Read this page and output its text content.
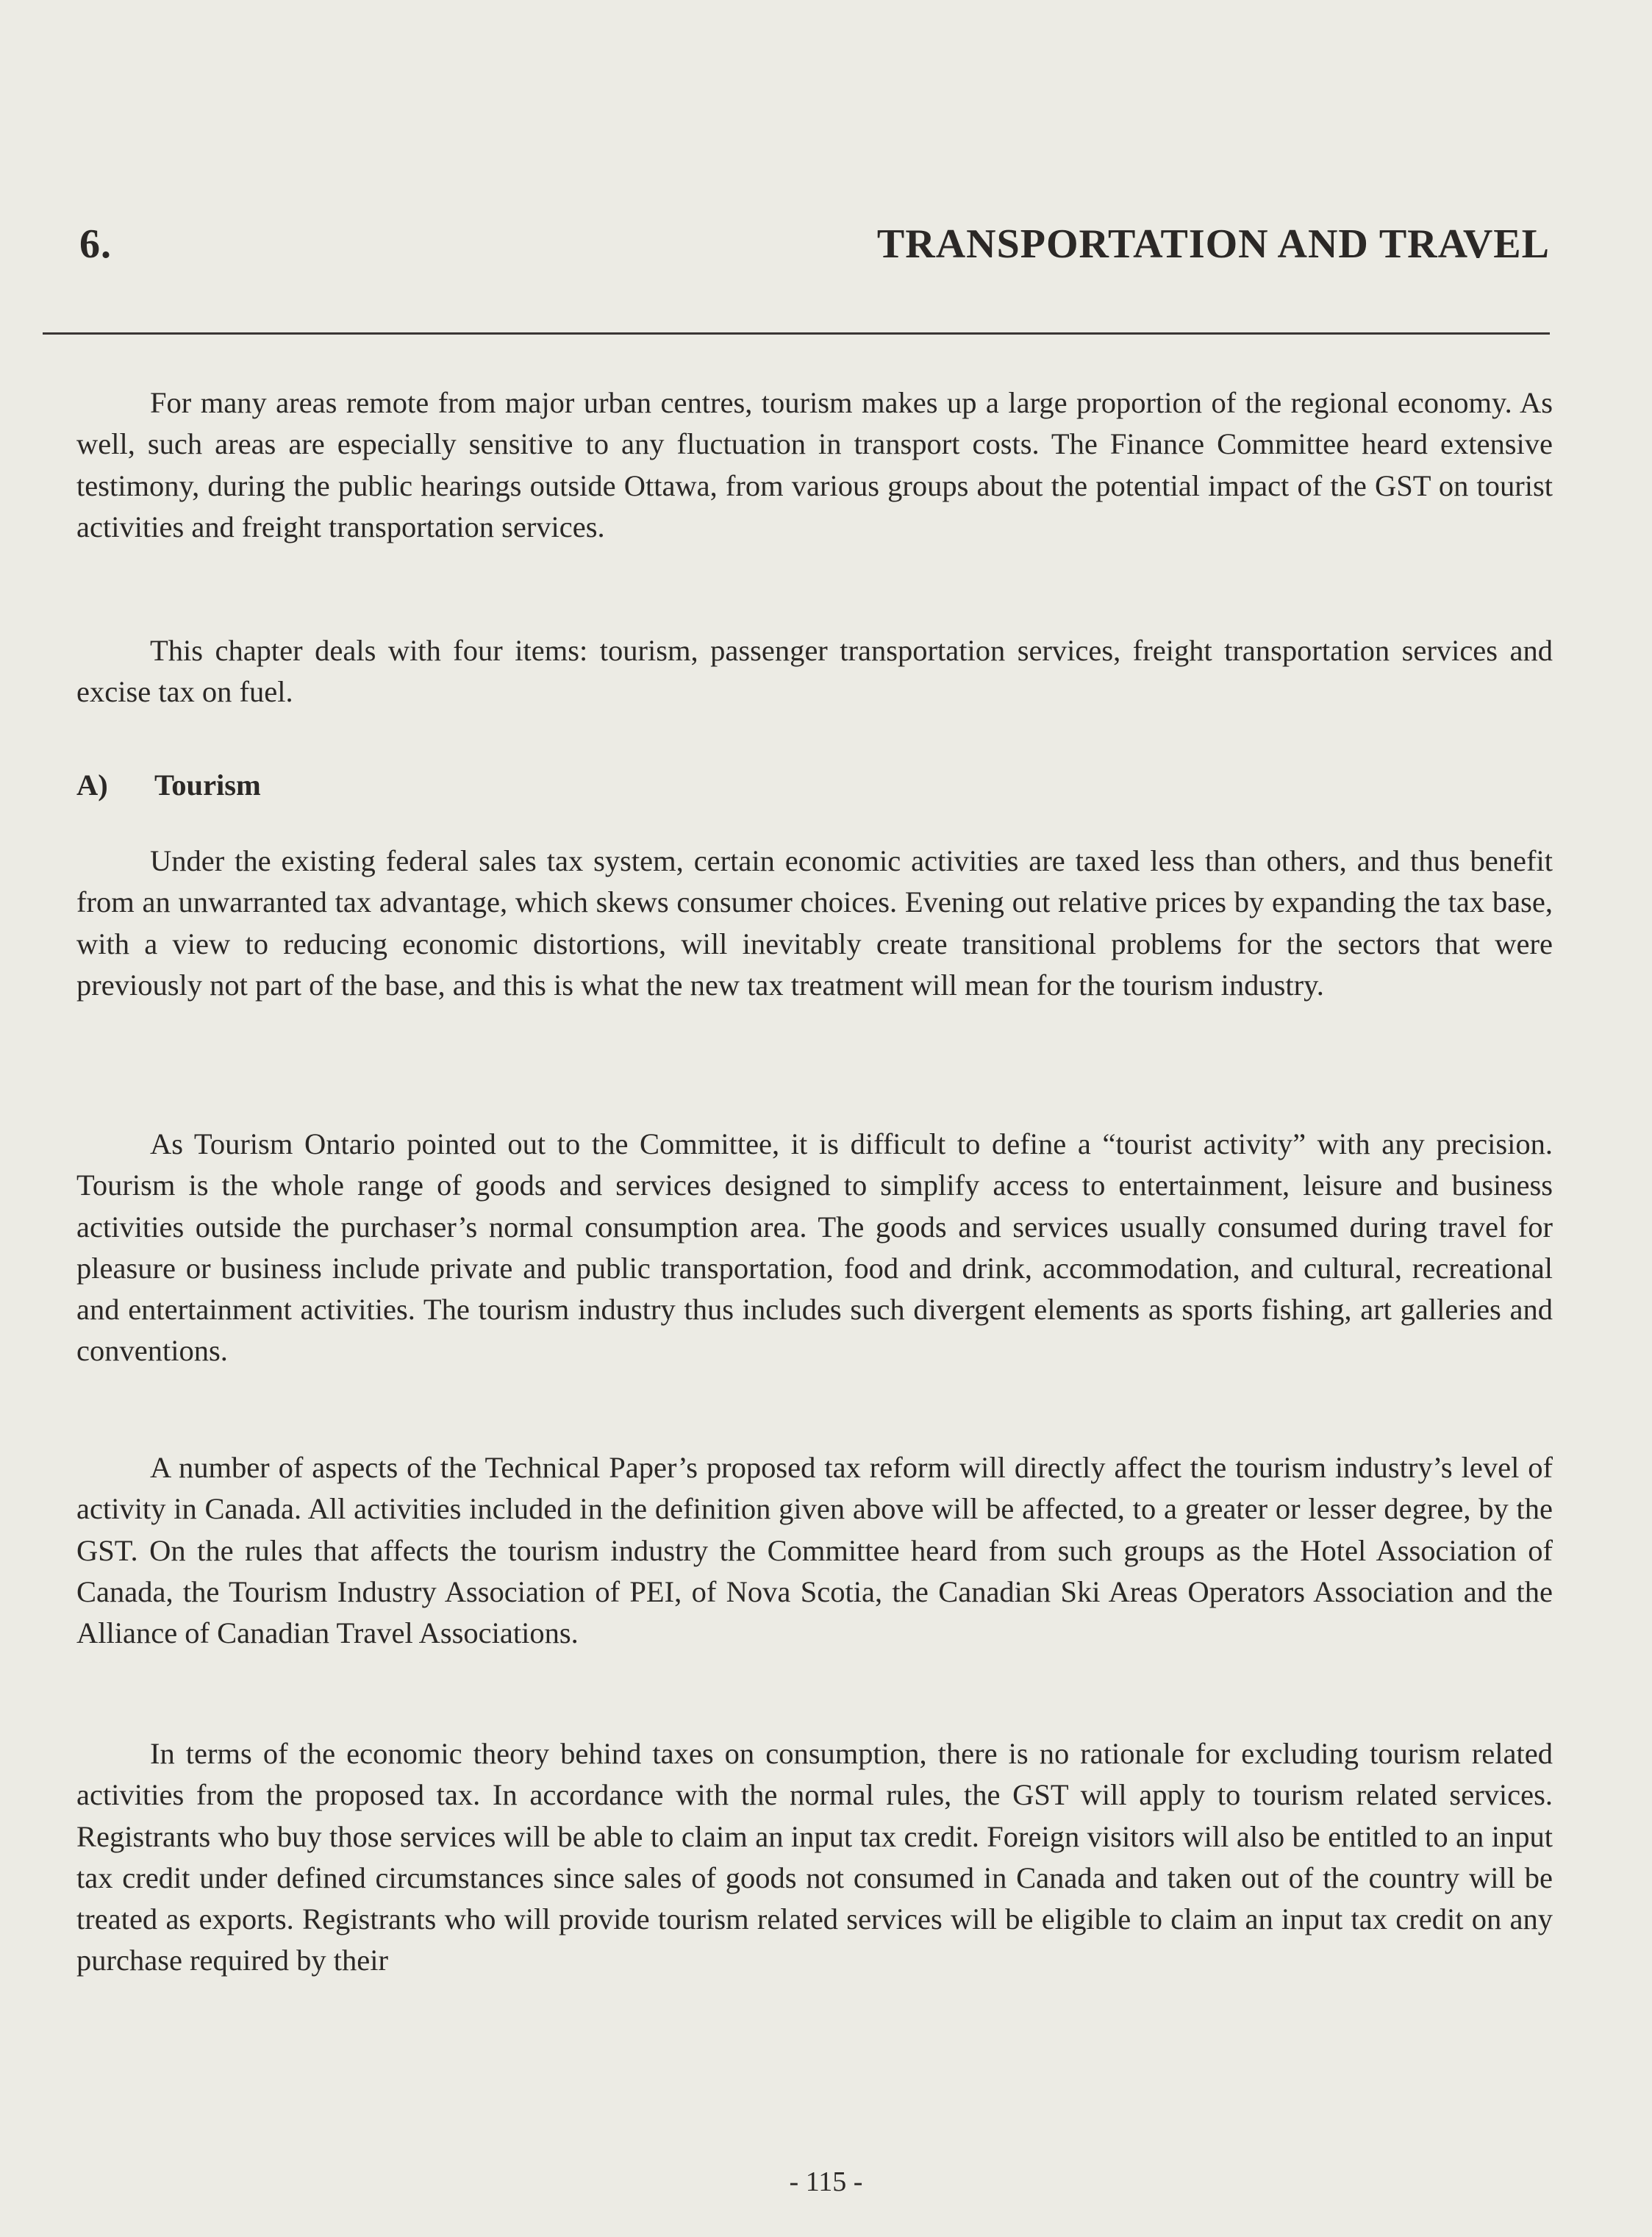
6.	TRANSPORTATION AND TRAVEL

For many areas remote from major urban centres, tourism makes up a large proportion of the regional economy. As well, such areas are especially sensitive to any fluctuation in transport costs. The Finance Committee heard extensive testimony, during the public hearings outside Ottawa, from various groups about the potential impact of the GST on tourist activities and freight transportation services.

This chapter deals with four items: tourism, passenger transportation services, freight transportation services and excise tax on fuel.

A) Tourism

Under the existing federal sales tax system, certain economic activities are taxed less than others, and thus benefit from an unwarranted tax advantage, which skews consumer choices. Evening out relative prices by expanding the tax base, with a view to reducing economic distortions, will inevitably create transitional problems for the sectors that were previously not part of the base, and this is what the new tax treatment will mean for the tourism industry.

As Tourism Ontario pointed out to the Committee, it is difficult to define a “tourist activity” with any precision. Tourism is the whole range of goods and services designed to simplify access to entertainment, leisure and business activities outside the purchaser’s normal consumption area. The goods and services usually consumed during travel for pleasure or business include private and public transportation, food and drink, accommodation, and cultural, recreational and entertainment activities. The tourism industry thus includes such divergent elements as sports fishing, art galleries and conventions.

A number of aspects of the Technical Paper’s proposed tax reform will directly affect the tourism industry’s level of activity in Canada. All activities included in the definition given above will be affected, to a greater or lesser degree, by the GST. On the rules that affects the tourism industry the Committee heard from such groups as the Hotel Association of Canada, the Tourism Industry Association of PEI, of Nova Scotia, the Canadian Ski Areas Operators Association and the Alliance of Canadian Travel Associations.

In terms of the economic theory behind taxes on consumption, there is no rationale for excluding tourism related activities from the proposed tax. In accordance with the normal rules, the GST will apply to tourism related services. Registrants who buy those services will be able to claim an input tax credit. Foreign visitors will also be entitled to an input tax credit under defined circumstances since sales of goods not consumed in Canada and taken out of the country will be treated as exports. Registrants who will provide tourism related services will be eligible to claim an input tax credit on any purchase required by their

- 115 -
